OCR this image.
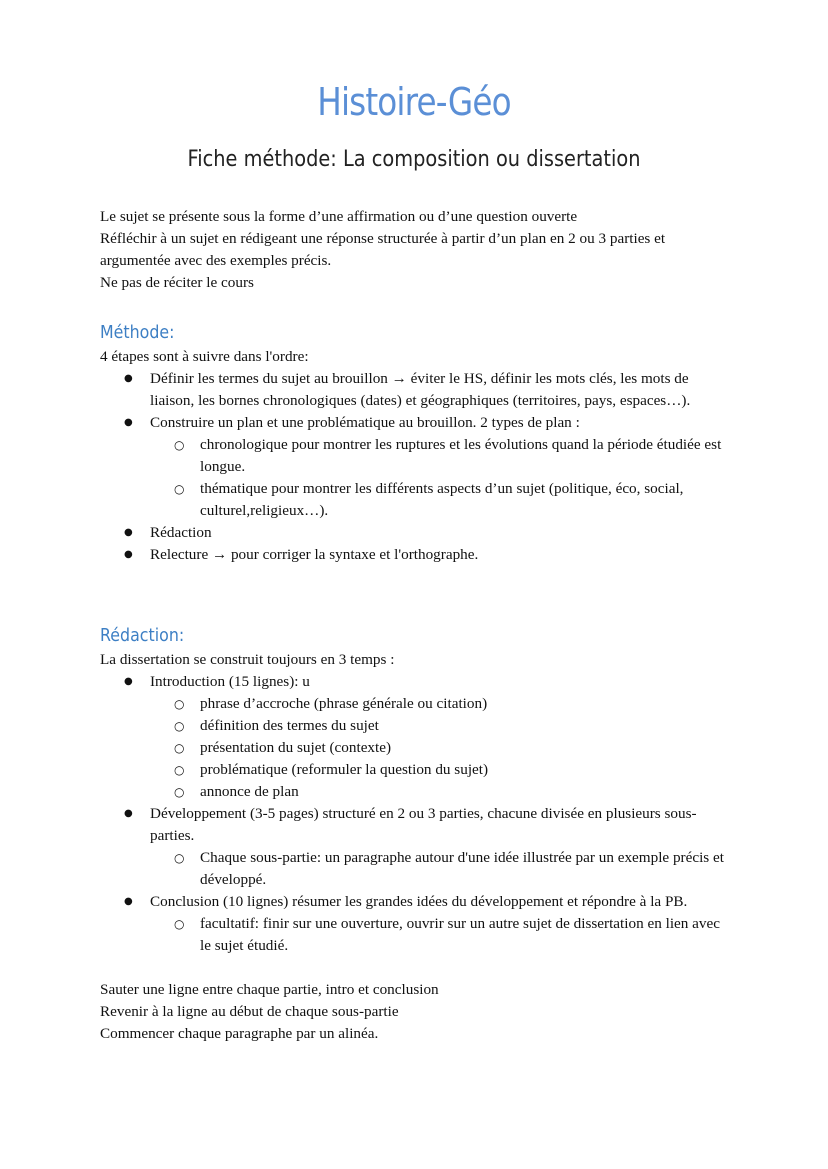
Histoire-Géo
Fiche méthode: La composition ou dissertation

Le sujet se présente sous la forme d’une affirmation ou d’une question ouverte

Réfléchir à un sujet en rédigeant une réponse structurée à partir d’un plan en 2 ou 3 parties et argumentée avec des exemples précis.

Ne pas de réciter le cours

Méthode:

4 étapes sont à suivre dans l'ordre:

● Définir les termes du sujet au brouillon → éviter le HS, définir les mots clés, les mots de liaison, les bornes chronologiques (dates) et géographiques (territoires, pays, espaces…).
● Construire un plan et une problématique au brouillon. 2 types de plan :
○ chronologique pour montrer les ruptures et les évolutions quand la période étudiée est longue.
○ thématique pour montrer les différents aspects d’un sujet (politique, éco, social, culturel,religieux…).
● Rédaction
● Relecture → pour corriger la syntaxe et l'orthographe.
Rédaction:

La dissertation se construit toujours en 3 temps :

● Introduction (15 lignes): u
○ phrase d’accroche (phrase générale ou citation)
○ définition des termes du sujet
○ présentation du sujet (contexte)
○ problématique (reformuler la question du sujet)
○ annonce de plan
● Développement (3-5 pages) structuré en 2 ou 3 parties, chacune divisée en plusieurs sous-parties.
○ Chaque sous-partie: un paragraphe autour d'une idée illustrée par un exemple précis et développé.
● Conclusion (10 lignes) résumer les grandes idées du développement et répondre à la PB.
○ facultatif: finir sur une ouverture, ouvrir sur un autre sujet de dissertation en lien avec le sujet étudié.

Sauter une ligne entre chaque partie, intro et conclusion

Revenir à la ligne au début de chaque sous-partie

Commencer chaque paragraphe par un alinéa.
